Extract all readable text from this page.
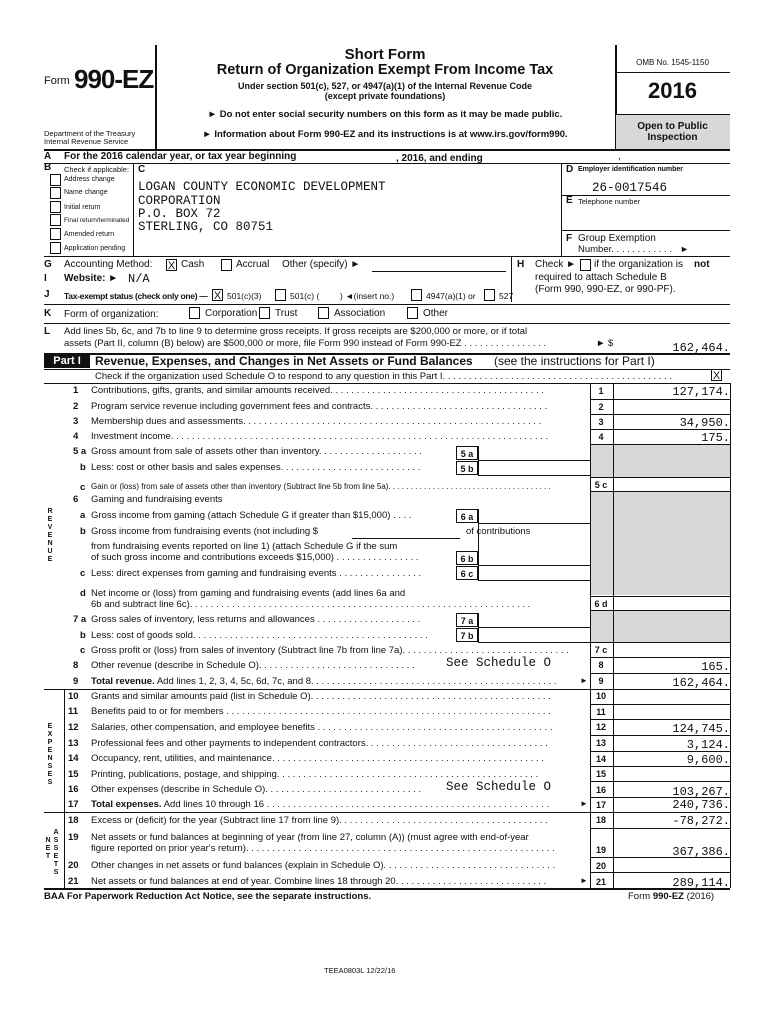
Form 990-EZ
Department of the Treasury
Internal Revenue Service
Short Form
Return of Organization Exempt From Income Tax
Under section 501(c), 527, or 4947(a)(1) of the Internal Revenue Code
(except private foundations)
► Do not enter social security numbers on this form as it may be made public.
► Information about Form 990-EZ and its instructions is at www.irs.gov/form990.
OMB No. 1545-1150
2016
Open to Public
Inspection
A For the 2016 calendar year, or tax year beginning	, 2016, and ending	,
B Check if applicable:
Address change
Name change
Initial return
Final return/terminated
Amended return
Application pending
C
LOGAN COUNTY ECONOMIC DEVELOPMENT
CORPORATION
P.O. BOX 72
STERLING, CO 80751
D Employer identification number
26-0017546
E Telephone number
F Group Exemption
Number. . . . . . . . . . . . ►
G Accounting Method: X Cash	Accrual Other (specify) ►	H Check ► if the organization is not
required to attach Schedule B
(Form 990, 990-EZ, or 990-PF).
I Website: ► N/A
J Tax-exempt status (check only one) — X 501(c)(3)	501(c) ( ) ◄(insert no.)	4947(a)(1) or	527
K Form of organization:	Corporation Trust	Association	Other
L Add lines 5b, 6c, and 7b to line 9 to determine gross receipts. If gross receipts are $200,000 or more, or if total
assets (Part II, column (B) below) are $500,000 or more, file Form 990 instead of Form 990-EZ . . . . . . . . . . . . . . . .	► $	162,464.
Part I	Revenue, Expenses, and Changes in Net Assets or Fund Balances (see the instructions for Part I)
Check if the organization used Schedule O to respond to any question in this Part I. . . . . . . . . . . . . . . . . . . . . . . . . . . . . . . . . . . . . . . . . . . .	X
R
E
V
E
N
U
E
E
X
P
E
N
S
E
S
N
E
T
A
S
S
E
T
S
1 Contributions, gifts, grants, and similar amounts received. . . . . . . . . . . . . . . . . . . . . . . . . . . . . . . . . . . . . . . . .	1	127,174.
2 Program service revenue including government fees and contracts. . . . . . . . . . . . . . . . . . . . . . . . . . . . . . . . . .	2
3 Membership dues and assessments. . . . . . . . . . . . . . . . . . . . . . . . . . . . . . . . . . . . . . . . . . . . . . . . . . . . . . . . .	3	34,950.
4 Investment income. . . . . . . . . . . . . . . . . . . . . . . . . . . . . . . . . . . . . . . . . . . . . . . . . . . . . . . . . . . . . . . . . . . . . . . .	4	175.
5 a Gross amount from sale of assets other than inventory. . . . . . . . . . . . . . . . . . . .	5 a
b Less: cost or other basis and sales expenses. . . . . . . . . . . . . . . . . . . . . . . . . . .	5 b
c Gain or (loss) from sale of assets other than inventory (Subtract line 5b from line 5a). . . . . . . . . . . . . . . . . . . . . . . . . . . . . . . . . . . . .	5 c
6 Gaming and fundraising events
a Gross income from gaming (attach Schedule G if greater than $15,000) . . . .	6 a
b Gross income from fundraising events (not including $	of contributions
from fundraising events reported on line 1) (attach Schedule G if the sum
of such gross income and contributions exceeds $15,000) . . . . . . . . . . . . . . . .	6 b
c Less: direct expenses from gaming and fundraising events . . . . . . . . . . . . . . . .	6 c
d Net income or (loss) from gaming and fundraising events (add lines 6a and
6b and subtract line 6c). . . . . . . . . . . . . . . . . . . . . . . . . . . . . . . . . . . . . . . . . . . . . . . . . . . . . . . . . . . . . . . . .	6 d
7 a Gross sales of inventory, less returns and allowances . . . . . . . . . . . . . . . . . . . .	7 a
b Less: cost of goods sold. . . . . . . . . . . . . . . . . . . . . . . . . . . . . . . . . . . . . . . . . . . . .	7 b
c Gross profit or (loss) from sales of inventory (Subtract line 7b from line 7a). . . . . . . . . . . . . . . . . . . . . . . . . . . . . . . .	7 c
8 Other revenue (describe in Schedule O). . . . . . . . . . . . . . . . . . . . . . . . . . . . . .	See Schedule O	8	165.
9 Total revenue. Add lines 1, 2, 3, 4, 5c, 6d, 7c, and 8. . . . . . . . . . . . . . . . . . . . . . . . . . . . . . . . . . . . . . . . . . . . . . .	►	9	162,464.
10 Grants and similar amounts paid (list in Schedule O). . . . . . . . . . . . . . . . . . . . . . . . . . . . . . . . . . . . . . . . . . . . . .	10
11 Benefits paid to or for members . . . . . . . . . . . . . . . . . . . . . . . . . . . . . . . . . . . . . . . . . . . . . . . . . . . . . . . . . . . . . .	11
12 Salaries, other compensation, and employee benefits . . . . . . . . . . . . . . . . . . . . . . . . . . . . . . . . . . . . . . . . . . . . .	12	124,745.
13 Professional fees and other payments to independent contractors. . . . . . . . . . . . . . . . . . . . . . . . . . . . . . . . . . .	13	3,124.
14 Occupancy, rent, utilities, and maintenance. . . . . . . . . . . . . . . . . . . . . . . . . . . . . . . . . . . . . . . . . . . . . . . . . . . .	14	9,600.
15 Printing, publications, postage, and shipping. . . . . . . . . . . . . . . . . . . . . . . . . . . . . . . . . . . . . . . . . . . . . . . . . .	15
16 Other expenses (describe in Schedule O). . . . . . . . . . . . . . . . . . . . . . . . . . . . . .	See Schedule O	16	103,267.
17 Total expenses. Add lines 10 through 16 . . . . . . . . . . . . . . . . . . . . . . . . . . . . . . . . . . . . . . . . . . . . . . . . . . . . . .	► 17	240,736.
18 Excess or (deficit) for the year (Subtract line 17 from line 9). . . . . . . . . . . . . . . . . . . . . . . . . . . . . . . . . . . . . . . .	18	-78,272.
19 Net assets or fund balances at beginning of year (from line 27, column (A)) (must agree with end-of-year
figure reported on prior year's return). . . . . . . . . . . . . . . . . . . . . . . . . . . . . . . . . . . . . . . . . . . . . . . . . . . . . . . . . . .	19	367,386.
20 Other changes in net assets or fund balances (explain in Schedule O). . . . . . . . . . . . . . . . . . . . . . . . . . . . . . . . .	20
21 Net assets or fund balances at end of year. Combine lines 18 through 20. . . . . . . . . . . . . . . . . . . . . . . . . . . . .	► 21	289,114.
BAA For Paperwork Reduction Act Notice, see the separate instructions.	Form 990-EZ (2016)
TEEA0803L 12/22/16
